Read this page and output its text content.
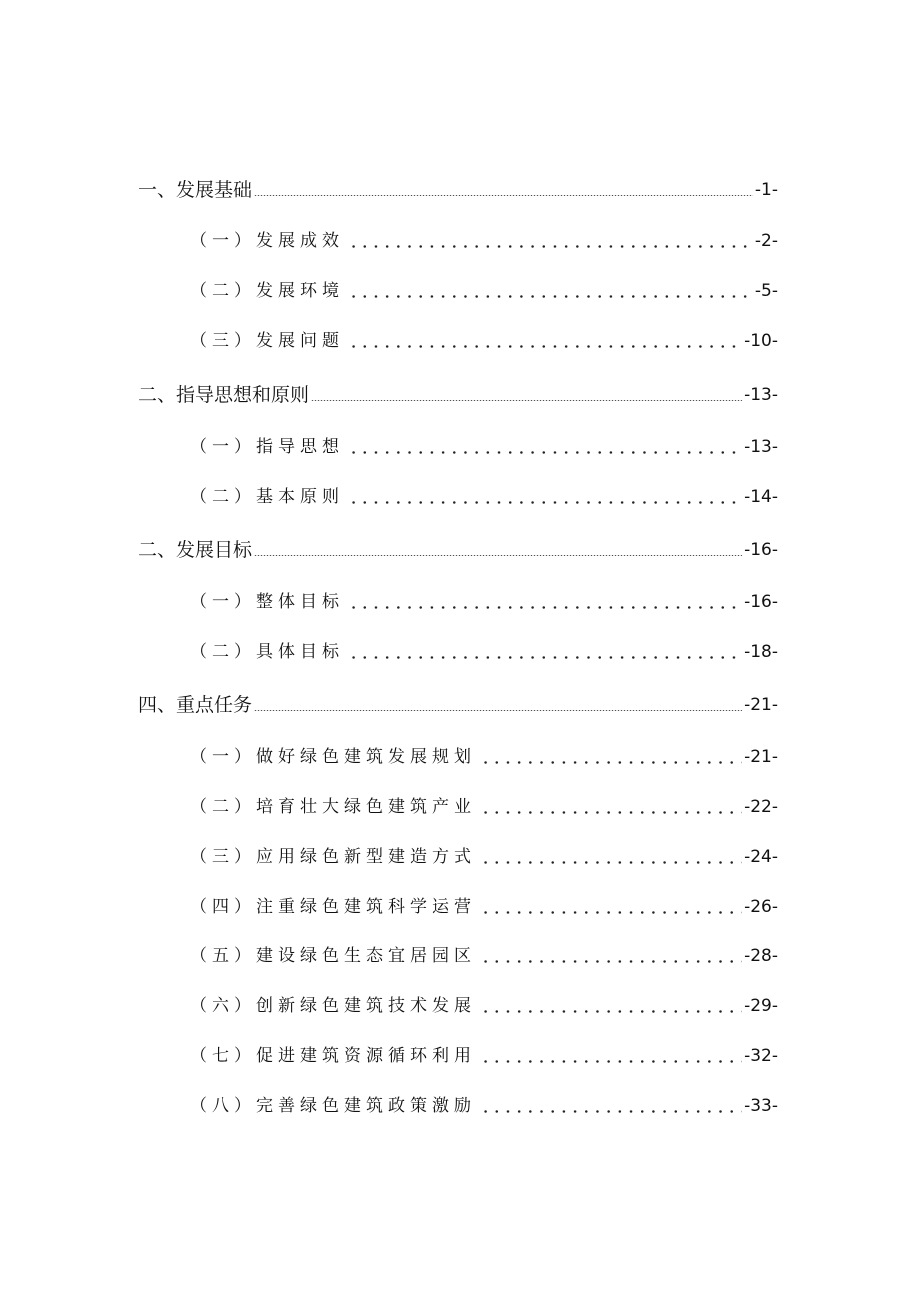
一、发展基础	-1-
（一）发展成效	-2-
（二）发展环境	-5-
（三）发展问题	-10-
二、指导思想和原则	-13-
（一）指导思想	-13-
（二）基本原则	-14-
二、发展目标	-16-
（一）整体目标	-16-
（二）具体目标	-18-
四、重点任务	-21-
（一）做好绿色建筑发展规划	-21-
（二）培育壮大绿色建筑产业	-22-
（三）应用绿色新型建造方式	-24-
（四）注重绿色建筑科学运营	-26-
（五）建设绿色生态宜居园区	-28-
（六）创新绿色建筑技术发展	-29-
（七）促进建筑资源循环利用	-32-
（八）完善绿色建筑政策激励	-33-
